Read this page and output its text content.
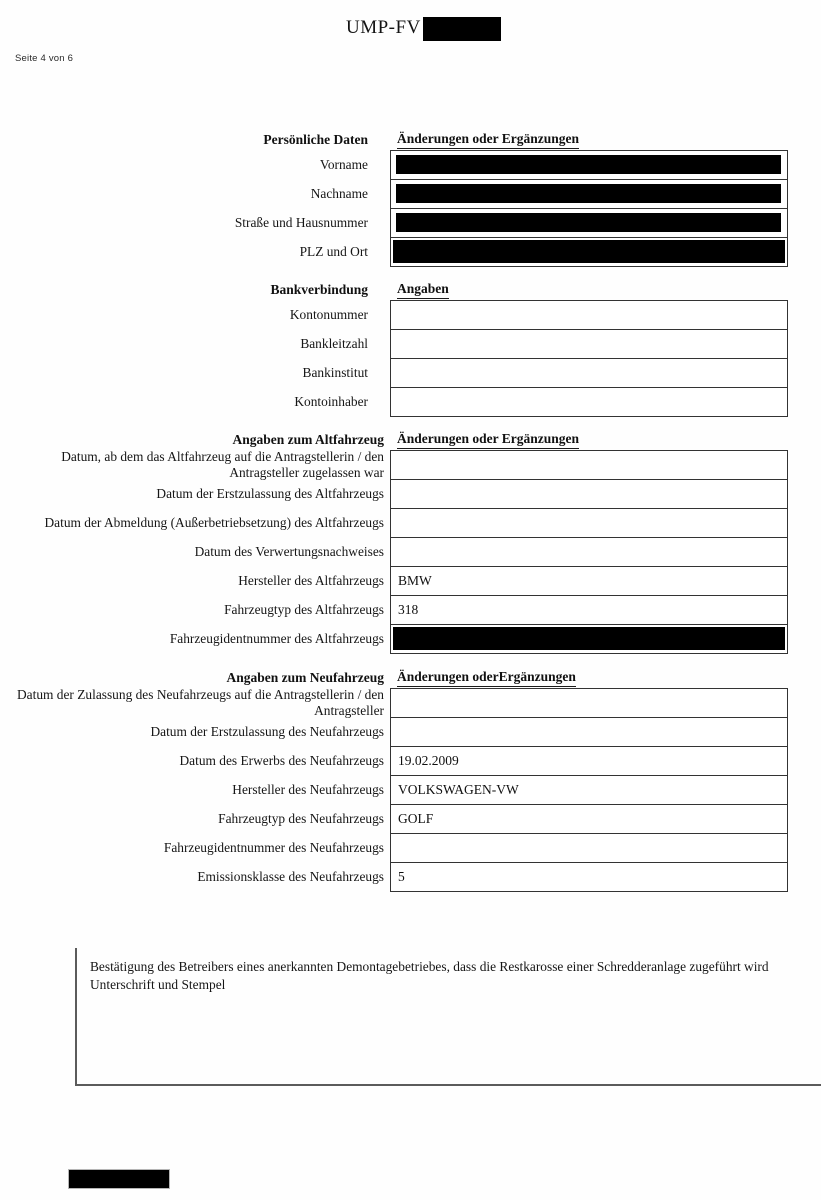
UMP-FV
Seite 4 von 6
Persönliche Daten	Änderungen oder Ergänzungen
Vorname
Nachname
Straße und Hausnummer
PLZ und Ort
Bankverbindung	Angaben
Kontonummer
Bankleitzahl
Bankinstitut
Kontoinhaber
Angaben zum Altfahrzeug Änderungen oder Ergänzungen
Datum, ab dem das Altfahrzeug auf die Antragstellerin / den Antragsteller zugelassen war
Datum der Erstzulassung des Altfahrzeugs
Datum der Abmeldung (Außerbetriebsetzung) des Altfahrzeugs
Datum des Verwertungsnachweises
Hersteller des Altfahrzeugs	BMW
Fahrzeugtyp des Altfahrzeugs	318
Fahrzeugidentnummer des Altfahrzeugs
Angaben zum Neufahrzeug Änderungen oderErgänzungen
Datum der Zulassung des Neufahrzeugs auf die Antragstellerin / den Antragsteller
Datum der Erstzulassung des Neufahrzeugs
Datum des Erwerbs des Neufahrzeugs	19.02.2009
Hersteller des Neufahrzeugs	VOLKSWAGEN-VW
Fahrzeugtyp des Neufahrzeugs	GOLF
Fahrzeugidentnummer des Neufahrzeugs
Emissionsklasse des Neufahrzeugs	5
Bestätigung des Betreibers eines anerkannten Demontagebetriebes, dass die Restkarosse einer Schredderanlage zugeführt wird
Unterschrift und Stempel
